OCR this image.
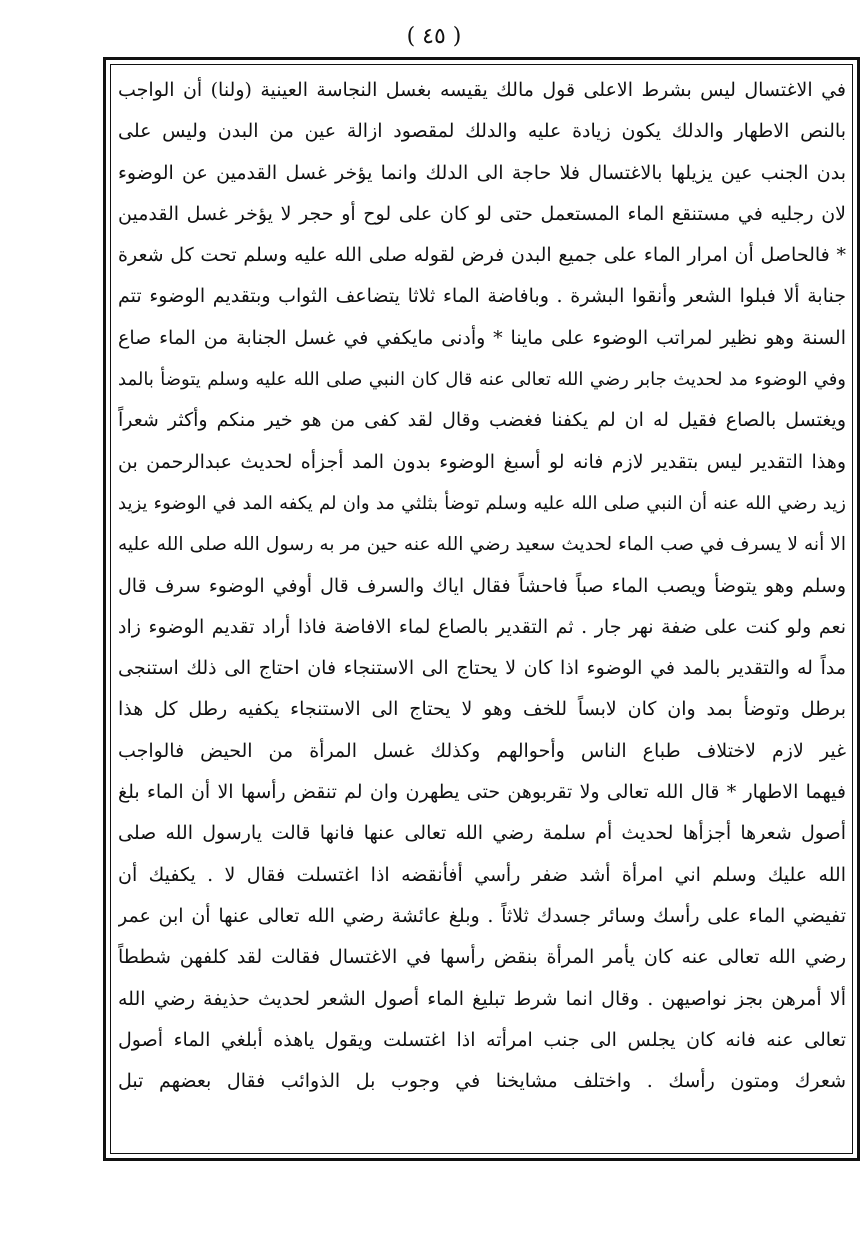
( ٤٥ )
في الاغتسال ليس بشرط الاعلى قول مالك يقيسه بغسل النجاسة العينية (ولنا) أن الواجب
بالنص الاطهار والدلك يكون زيادة عليه والدلك لمقصود ازالة عين من البدن وليس على
بدن الجنب عين يزيلها بالاغتسال فلا حاجة الى الدلك وانما يؤخر غسل القدمين عن الوضوء
لان رجليه في مستنقع الماء المستعمل حتى لو كان على لوح أو حجر لا يؤخر غسل القدمين
* فالحاصل أن امرار الماء على جميع البدن فرض لقوله صلى الله عليه وسلم تحت كل شعرة
جنابة ألا فبلوا الشعر وأنقوا البشرة . وبافاضة الماء ثلاثا يتضاعف الثواب وبتقديم الوضوء تتم
السنة وهو نظير لمراتب الوضوء على ماينا * وأدنى مايكفي في غسل الجنابة من الماء صاع
وفي الوضوء مد لحديث جابر رضي الله تعالى عنه قال كان النبي صلى الله عليه وسلم يتوضأ بالمد
ويغتسل بالصاع فقيل له ان لم يكفنا فغضب وقال لقد كفى من هو خير منكم وأكثر شعراً
وهذا التقدير ليس بتقدير لازم فانه لو أسبغ الوضوء بدون المد أجزأه لحديث عبدالرحمن بن
زيد رضي الله عنه أن النبي صلى الله عليه وسلم توضأ بثلثي مد وان لم يكفه المد في الوضوء يزيد
الا أنه لا يسرف في صب الماء لحديث سعيد رضي الله عنه حين مر به رسول الله صلى الله عليه
وسلم وهو يتوضأ ويصب الماء صباً فاحشاً فقال اياك والسرف قال أوفي الوضوء سرف قال
نعم ولو كنت على ضفة نهر جار . ثم التقدير بالصاع لماء الافاضة فاذا أراد تقديم الوضوء زاد
مداً له والتقدير بالمد في الوضوء اذا كان لا يحتاج الى الاستنجاء فان احتاج الى ذلك استنجى
برطل وتوضأ بمد وان كان لابساً للخف وهو لا يحتاج الى الاستنجاء يكفيه رطل كل هذا
غير لازم لاختلاف طباع الناس وأحوالهم وكذلك غسل المرأة من الحيض فالواجب
فيهما الاطهار * قال الله تعالى ولا تقربوهن حتى يطهرن وان لم تنقض رأسها الا أن الماء بلغ
أصول شعرها أجزأها لحديث أم سلمة رضي الله تعالى عنها فانها قالت يارسول الله صلى
الله عليك وسلم اني امرأة أشد ضفر رأسي أفأنقضه اذا اغتسلت فقال لا . يكفيك أن
تفيضي الماء على رأسك وسائر جسدك ثلاثاً . وبلغ عائشة رضي الله تعالى عنها أن ابن عمر
رضي الله تعالى عنه كان يأمر المرأة بنقض رأسها في الاغتسال فقالت لقد كلفهن شططاً
ألا أمرهن بجز نواصيهن . وقال انما شرط تبليغ الماء أصول الشعر لحديث حذيفة رضي الله
تعالى عنه فانه كان يجلس الى جنب امرأته اذا اغتسلت ويقول ياهذه أبلغي الماء أصول
شعرك ومتون رأسك . واختلف مشايخنا في وجوب بل الذوائب فقال بعضهم تبل
